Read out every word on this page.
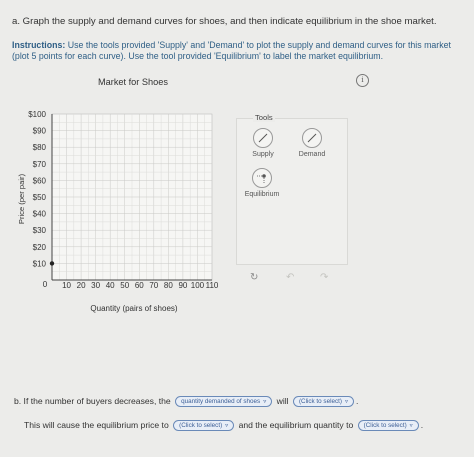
a. Graph the supply and demand curves for shoes, and then indicate equilibrium in the shoe market.
Instructions: Use the tools provided 'Supply' and 'Demand' to plot the supply and demand curves for this market (plot 5 points for each curve). Use the tool provided 'Equilibrium' to label the market equilibrium.
Market for Shoes	i
$100
$90
$80
$70
$60
$50
$40
$30
$20
$10
10 20 30 40 50 60 70 80 90 100 110
Price (per pair)
Quantity (pairs of shoes)
0
Tools
Supply	Demand
Equilibrium
↻	↶	↷
b. If the number of buyers decreases, the quantity demanded of shoes ▿ will (Click to select) ▿ .
This will cause the equilibrium price to (Click to select) ▿ and the equilibrium quantity to (Click to select) ▿ .
